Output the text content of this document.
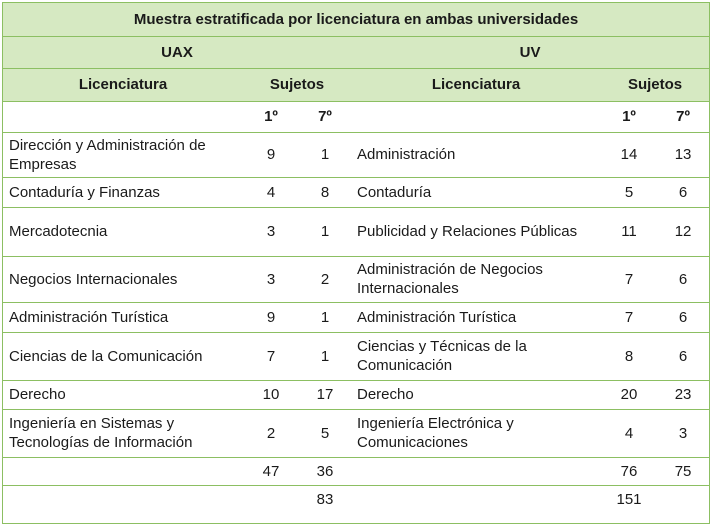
Muestra estratificada por licenciatura en ambas universidades					
UAX			UV		
Licenciatura	Sujetos		Licenciatura	Sujetos	
	1º	7º		1º	7º
Dirección y Administración de Empresas	9	1	Administración	14	13
Contaduría y Finanzas	4	8	Contaduría	5	6
Mercadotecnia	3	1	Publicidad y Relaciones Públicas	11	12
Negocios Internacionales	3	2	Administración de Negocios Internacionales	7	6
Administración Turística	9	1	Administración Turística	7	6
Ciencias de la Comunicación	7	1	Ciencias y Técnicas de la Comunicación	8	6
Derecho	10	17	Derecho	20	23
Ingeniería en Sistemas y Tecnologías de Información	2	5	Ingeniería Electrónica y Comunicaciones	4	3
	47	36		76	75
		83		151	
